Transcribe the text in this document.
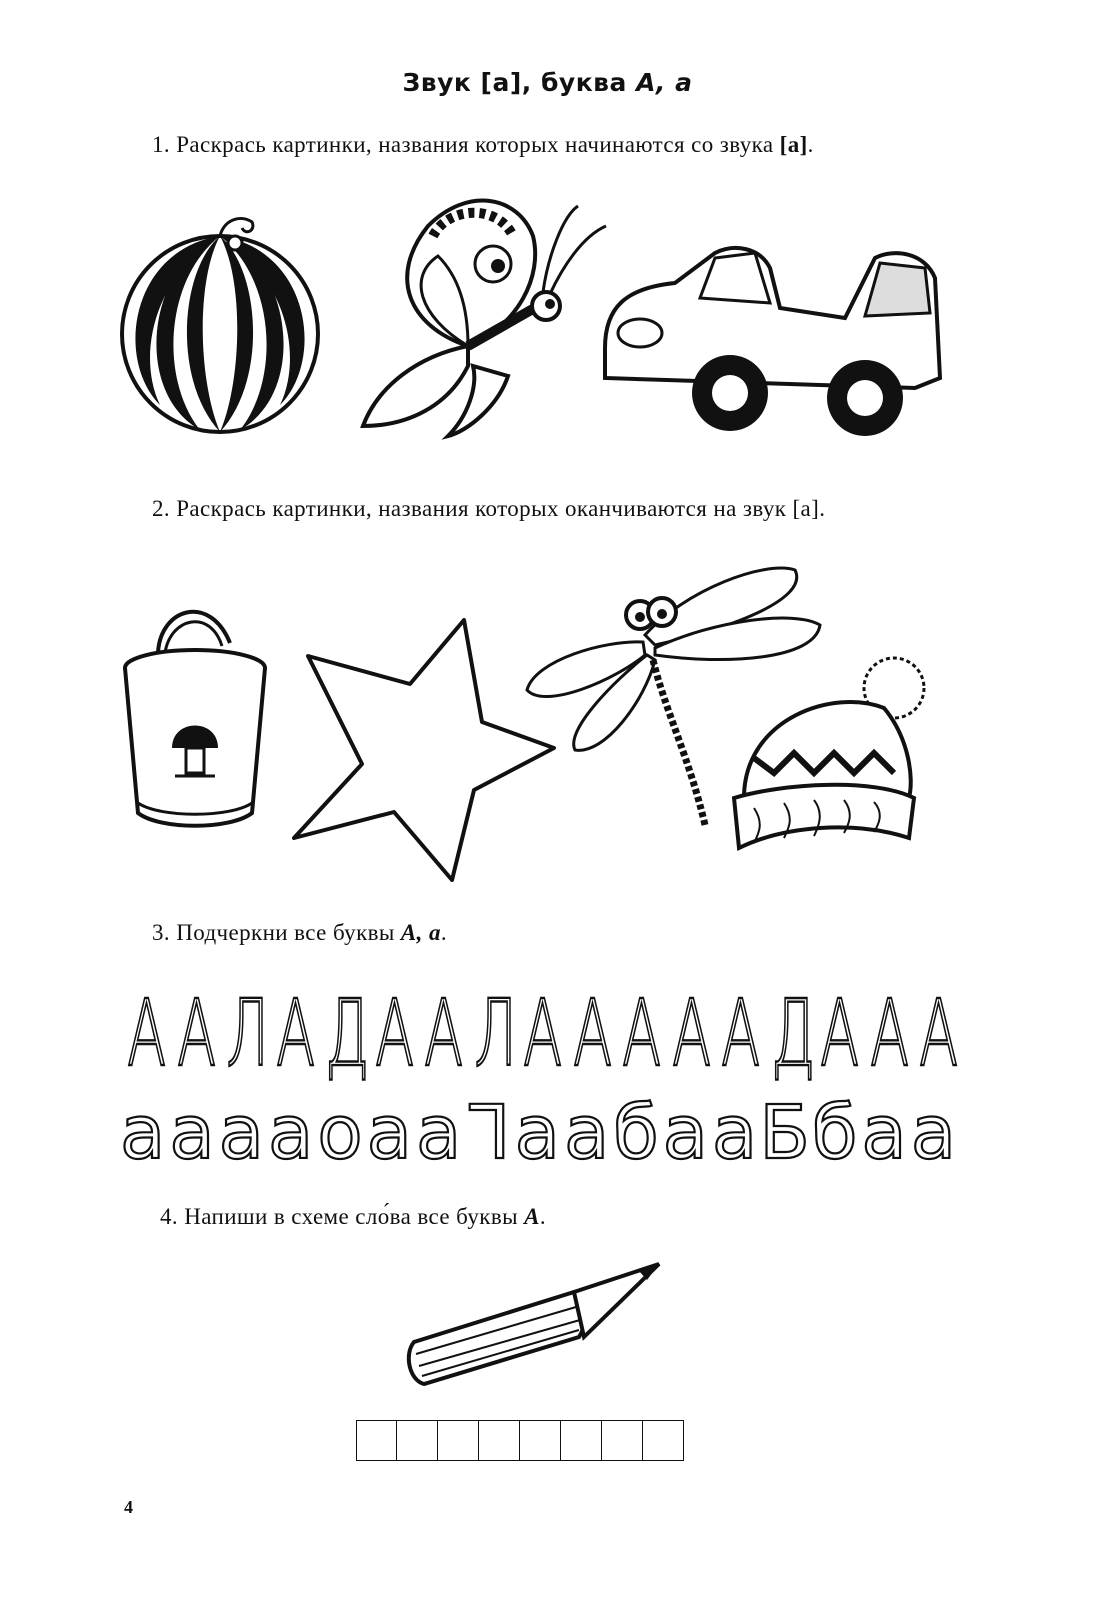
Звук [а], буква А, а
1. Раскрась картинки, названия которых начинаются со звука [а].
2. Раскрась картинки, названия которых оканчиваются на звук [а].
3. Подчеркни все буквы А, а.
А А Л А Д А А Л А А А А А Д А А А
а а а а о а а ᒣ а а б а а Б б а а
4. Напиши в схеме сло́ва все буквы А.
4
